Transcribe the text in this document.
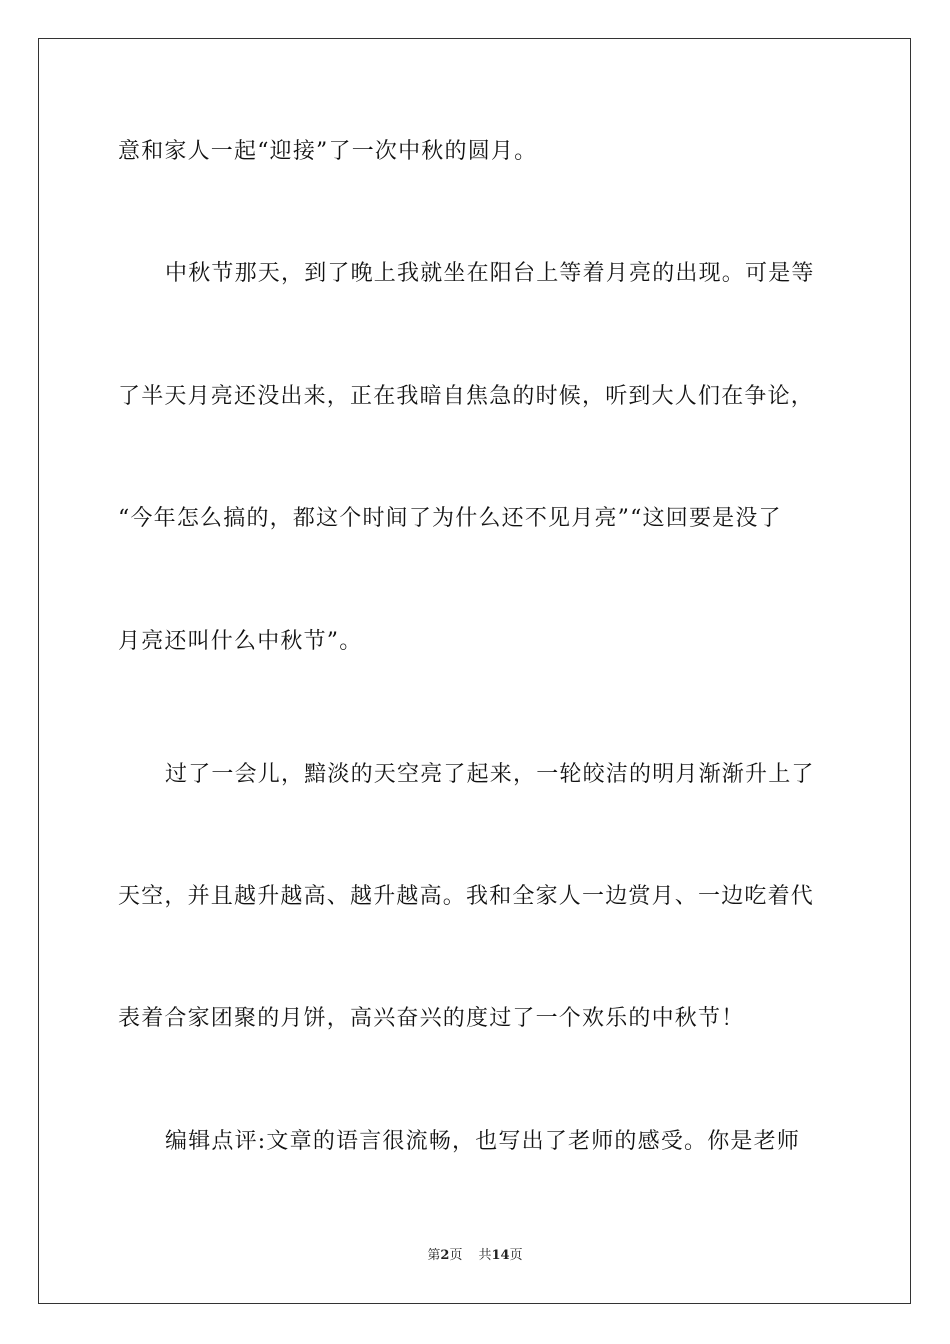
意和家人一起“迎接”了一次中秋的圆月。
中秋节那天，到了晚上我就坐在阳台上等着月亮的出现。可是等
了半天月亮还没出来，正在我暗自焦急的时候，听到大人们在争论，
“今年怎么搞的，都这个时间了为什么还不见月亮”“这回要是没了
月亮还叫什么中秋节”。
过了一会儿，黯淡的天空亮了起来，一轮皎洁的明月渐渐升上了
天空，并且越升越高、越升越高。我和全家人一边赏月、一边吃着代
表着合家团聚的月饼，高兴奋兴的度过了一个欢乐的中秋节！
编辑点评:文章的语言很流畅，也写出了老师的感受。你是老师
第2页 共14页
